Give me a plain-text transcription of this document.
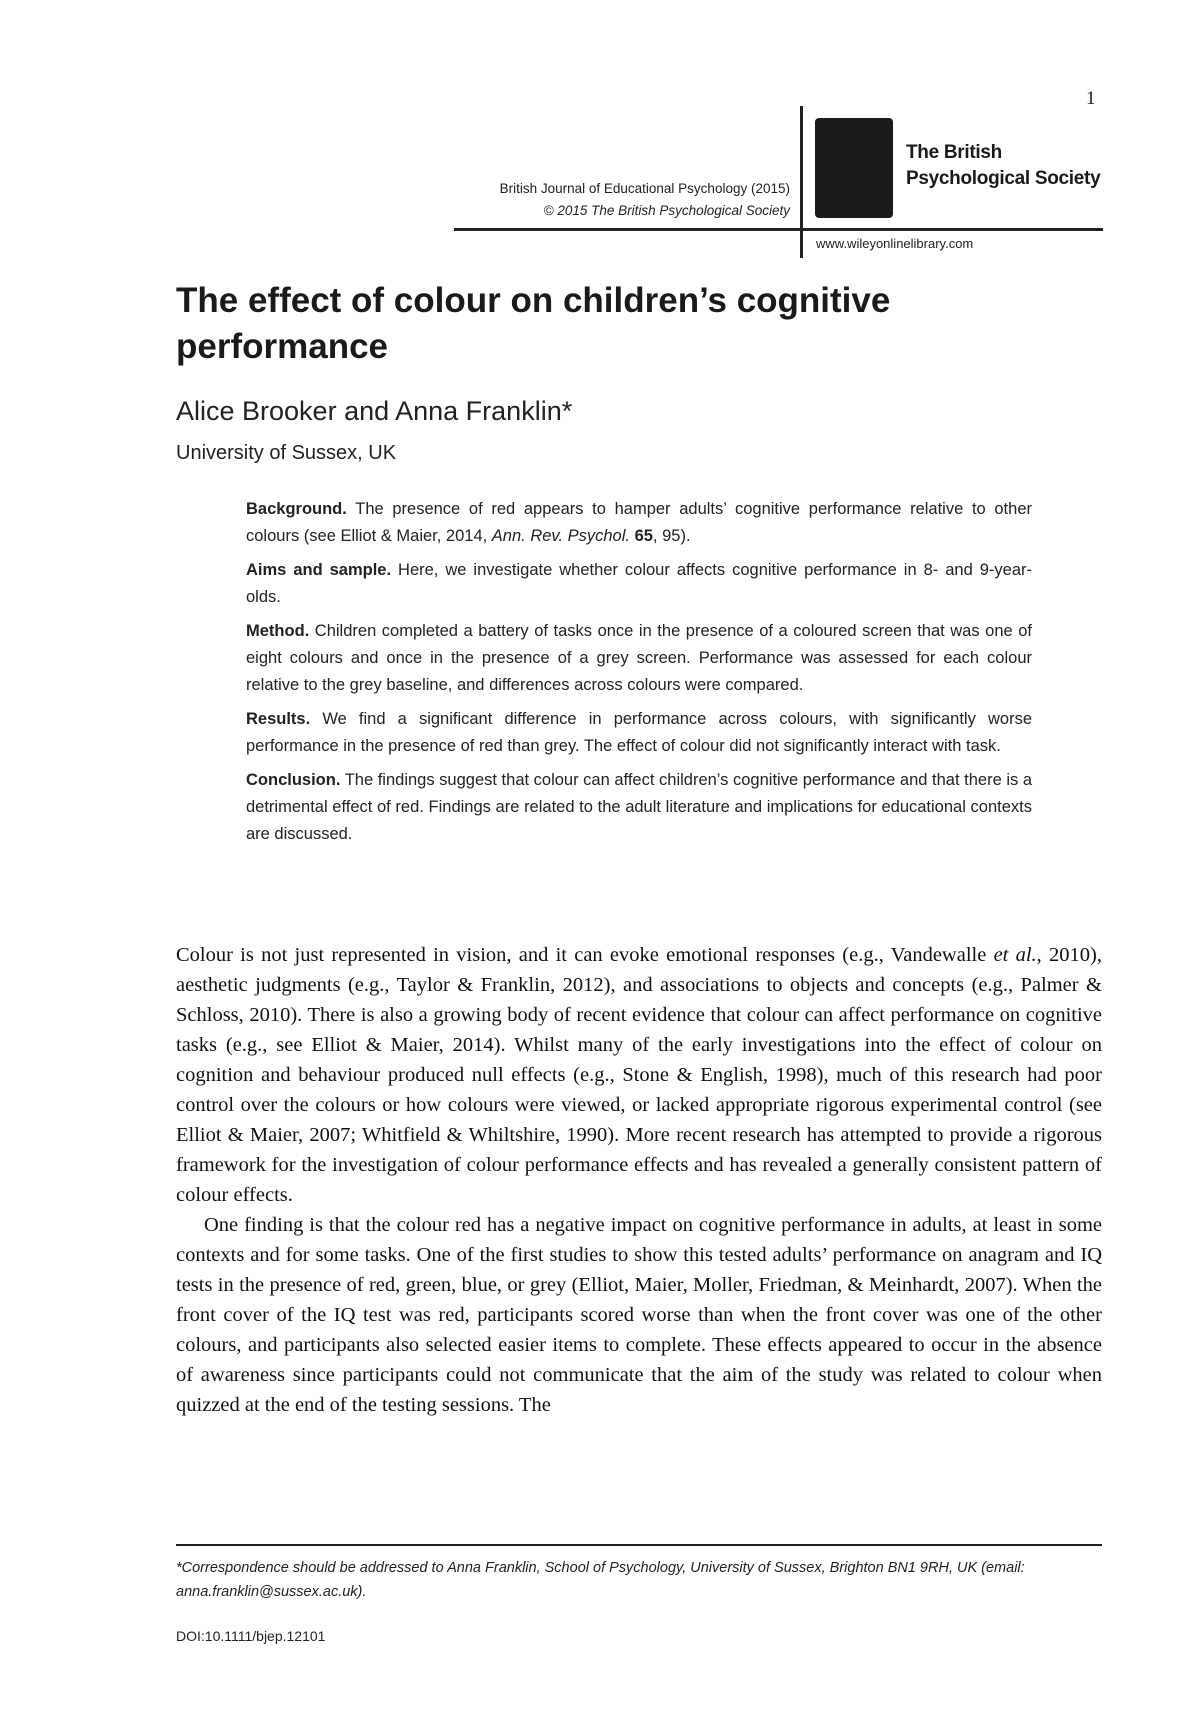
1
British Journal of Educational Psychology (2015)
© 2015 The British Psychological Society
The British
Psychological Society
www.wileyonlinelibrary.com
The effect of colour on children’s cognitive performance
Alice Brooker and Anna Franklin*
University of Sussex, UK

Background. The presence of red appears to hamper adults’ cognitive performance relative to other colours (see Elliot & Maier, 2014, Ann. Rev. Psychol. 65, 95).

Aims and sample. Here, we investigate whether colour affects cognitive performance in 8- and 9-year-olds.

Method. Children completed a battery of tasks once in the presence of a coloured screen that was one of eight colours and once in the presence of a grey screen. Performance was assessed for each colour relative to the grey baseline, and differences across colours were compared.

Results. We find a significant difference in performance across colours, with significantly worse performance in the presence of red than grey. The effect of colour did not significantly interact with task.

Conclusion. The findings suggest that colour can affect children’s cognitive performance and that there is a detrimental effect of red. Findings are related to the adult literature and implications for educational contexts are discussed.

Colour is not just represented in vision, and it can evoke emotional responses (e.g., Vandewalle et al., 2010), aesthetic judgments (e.g., Taylor & Franklin, 2012), and associations to objects and concepts (e.g., Palmer & Schloss, 2010). There is also a growing body of recent evidence that colour can affect performance on cognitive tasks (e.g., see Elliot & Maier, 2014). Whilst many of the early investigations into the effect of colour on cognition and behaviour produced null effects (e.g., Stone & English, 1998), much of this research had poor control over the colours or how colours were viewed, or lacked appropriate rigorous experimental control (see Elliot & Maier, 2007; Whitfield & Whiltshire, 1990). More recent research has attempted to provide a rigorous framework for the investigation of colour performance effects and has revealed a generally consistent pattern of colour effects.

One finding is that the colour red has a negative impact on cognitive performance in adults, at least in some contexts and for some tasks. One of the first studies to show this tested adults’ performance on anagram and IQ tests in the presence of red, green, blue, or grey (Elliot, Maier, Moller, Friedman, & Meinhardt, 2007). When the front cover of the IQ test was red, participants scored worse than when the front cover was one of the other colours, and participants also selected easier items to complete. These effects appeared to occur in the absence of awareness since participants could not communicate that the aim of the study was related to colour when quizzed at the end of the testing sessions. The

*Correspondence should be addressed to Anna Franklin, School of Psychology, University of Sussex, Brighton BN1 9RH, UK (email: anna.franklin@sussex.ac.uk).
DOI:10.1111/bjep.12101
